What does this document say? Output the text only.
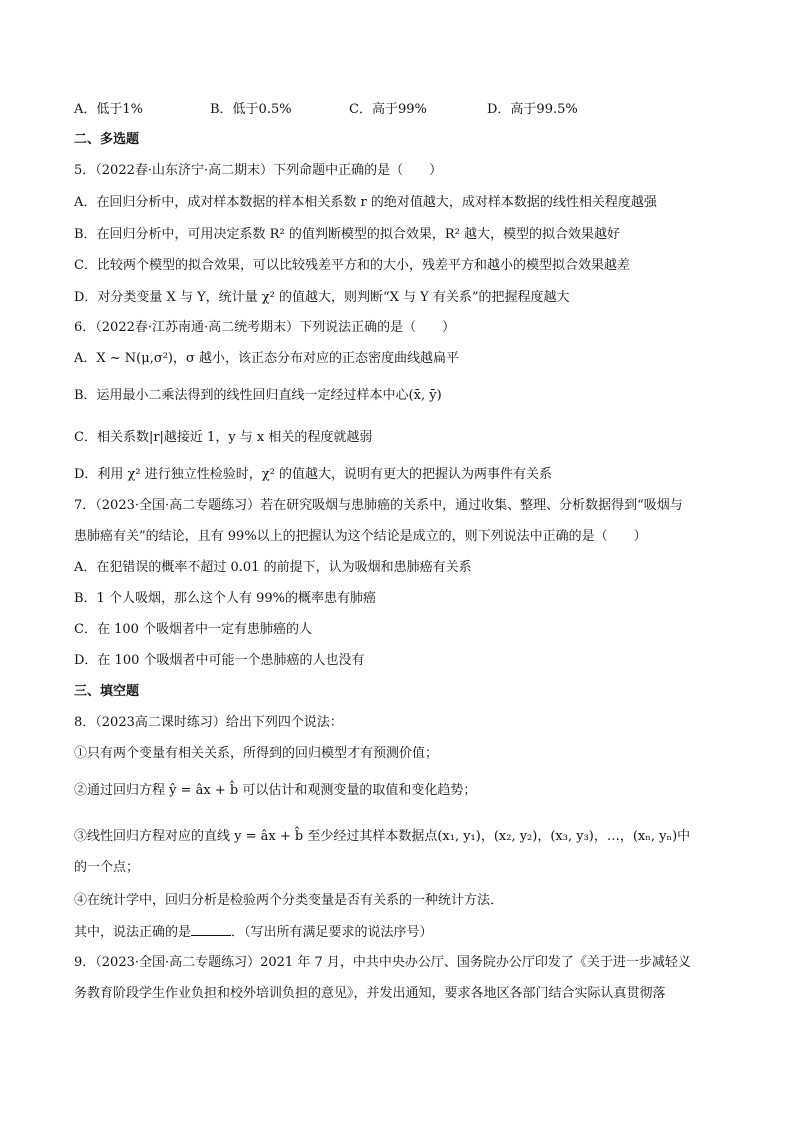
A．低于1%	B．低于0.5%	C．高于99%	D．高于99.5%
二、多选题
5．（2022春·山东济宁·高二期末）下列命题中正确的是（　　）
A．在回归分析中，成对样本数据的样本相关系数 r 的绝对值越大，成对样本数据的线性相关程度越强
B．在回归分析中，可用决定系数 R² 的值判断模型的拟合效果，R² 越大，模型的拟合效果越好
C．比较两个模型的拟合效果，可以比较残差平方和的大小，残差平方和越小的模型拟合效果越差
D．对分类变量 X 与 Y，统计量 χ² 的值越大，则判断“X 与 Y 有关系”的把握程度越大
6．（2022春·江苏南通·高二统考期末）下列说法正确的是（　　）
A．X ~ N(μ,σ²)，σ 越小，该正态分布对应的正态密度曲线越扁平
B．运用最小二乘法得到的线性回归直线一定经过样本中心(x̄, ȳ)
C．相关系数|r|越接近 1，y 与 x 相关的程度就越弱
D．利用 χ² 进行独立性检验时，χ² 的值越大，说明有更大的把握认为两事件有关系
7．（2023·全国·高二专题练习）若在研究吸烟与患肺癌的关系中，通过收集、整理、分析数据得到“吸烟与
患肺癌有关”的结论，且有 99%以上的把握认为这个结论是成立的，则下列说法中正确的是（　　）
A．在犯错误的概率不超过 0.01 的前提下，认为吸烟和患肺癌有关系
B．1 个人吸烟，那么这个人有 99%的概率患有肺癌
C．在 100 个吸烟者中一定有患肺癌的人
D．在 100 个吸烟者中可能一个患肺癌的人也没有
三、填空题
8．（2023高二课时练习）给出下列四个说法：
①只有两个变量有相关关系，所得到的回归模型才有预测价值；
②通过回归方程 ŷ = âx + b̂ 可以估计和观测变量的取值和变化趋势；
③线性回归方程对应的直线 y = âx + b̂ 至少经过其样本数据点(x₁, y₁)，(x₂, y₂)，(x₃, y₃)，…，(xₙ, yₙ)中
的一个点；
④在统计学中，回归分析是检验两个分类变量是否有关系的一种统计方法．
其中，说法正确的是	．（写出所有满足要求的说法序号）
9．（2023·全国·高二专题练习）2021 年 7 月，中共中央办公厅、国务院办公厅印发了《关于进一步减轻义
务教育阶段学生作业负担和校外培训负担的意见》，并发出通知，要求各地区各部门结合实际认真贯彻落
